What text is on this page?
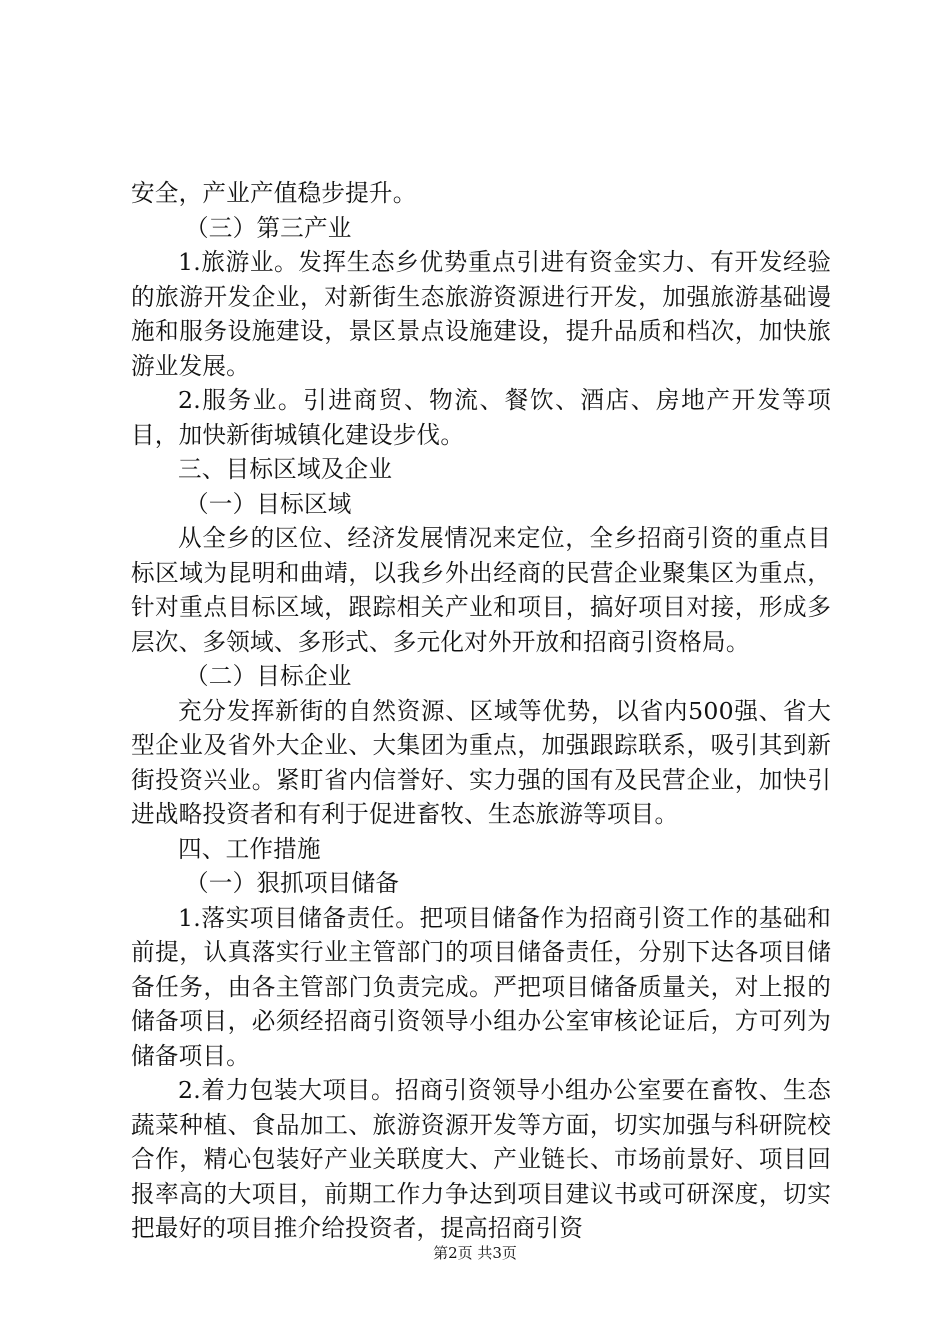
安全，产业产值稳步提升。

（三）第三产业

1.旅游业。发挥生态乡优势重点引进有资金实力、有开发经验的旅游开发企业，对新街生态旅游资源进行开发，加强旅游基础谩施和服务设施建设，景区景点设施建设，提升品质和档次，加快旅游业发展。

2.服务业。引进商贸、物流、餐饮、酒店、房地产开发等项目，加快新街城镇化建设步伐。

三、目标区域及企业

（一）目标区域

从全乡的区位、经济发展情况来定位，全乡招商引资的重点目标区域为昆明和曲靖，以我乡外出经商的民营企业聚集区为重点，针对重点目标区域，跟踪相关产业和项目，搞好项目对接，形成多层次、多领域、多形式、多元化对外开放和招商引资格局。

（二）目标企业

充分发挥新街的自然资源、区域等优势，以省内500强、省大型企业及省外大企业、大集团为重点，加强跟踪联系，吸引其到新街投资兴业。紧盯省内信誉好、实力强的国有及民营企业，加快引进战略投资者和有利于促进畜牧、生态旅游等项目。

四、工作措施

（一）狠抓项目储备

1.落实项目储备责任。把项目储备作为招商引资工作的基础和前提，认真落实行业主管部门的项目储备责任，分别下达各项目储备任务，由各主管部门负责完成。严把项目储备质量关，对上报的储备项目，必须经招商引资领导小组办公室审核论证后，方可列为储备项目。

2.着力包装大项目。招商引资领导小组办公室要在畜牧、生态蔬菜种植、食品加工、旅游资源开发等方面，切实加强与科研院校合作，精心包装好产业关联度大、产业链长、市场前景好、项目回报率高的大项目，前期工作力争达到项目建议书或可研深度，切实把最好的项目推介给投资者，提高招商引资

第2页 共3页
